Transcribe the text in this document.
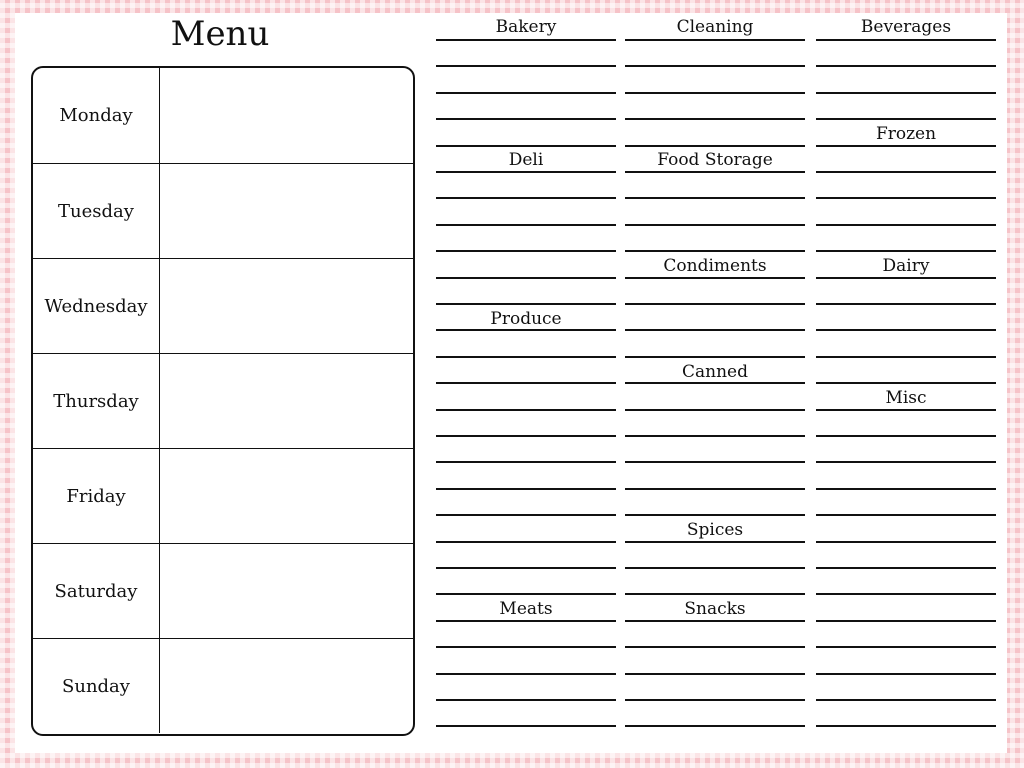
Menu
Monday
Tuesday
Wednesday
Thursday
Friday
Saturday
Sunday
Bakery
Deli
Produce
Meats
Cleaning
Food Storage
Condiments
Canned
Spices
Snacks
Beverages
Frozen
Dairy
Misc
